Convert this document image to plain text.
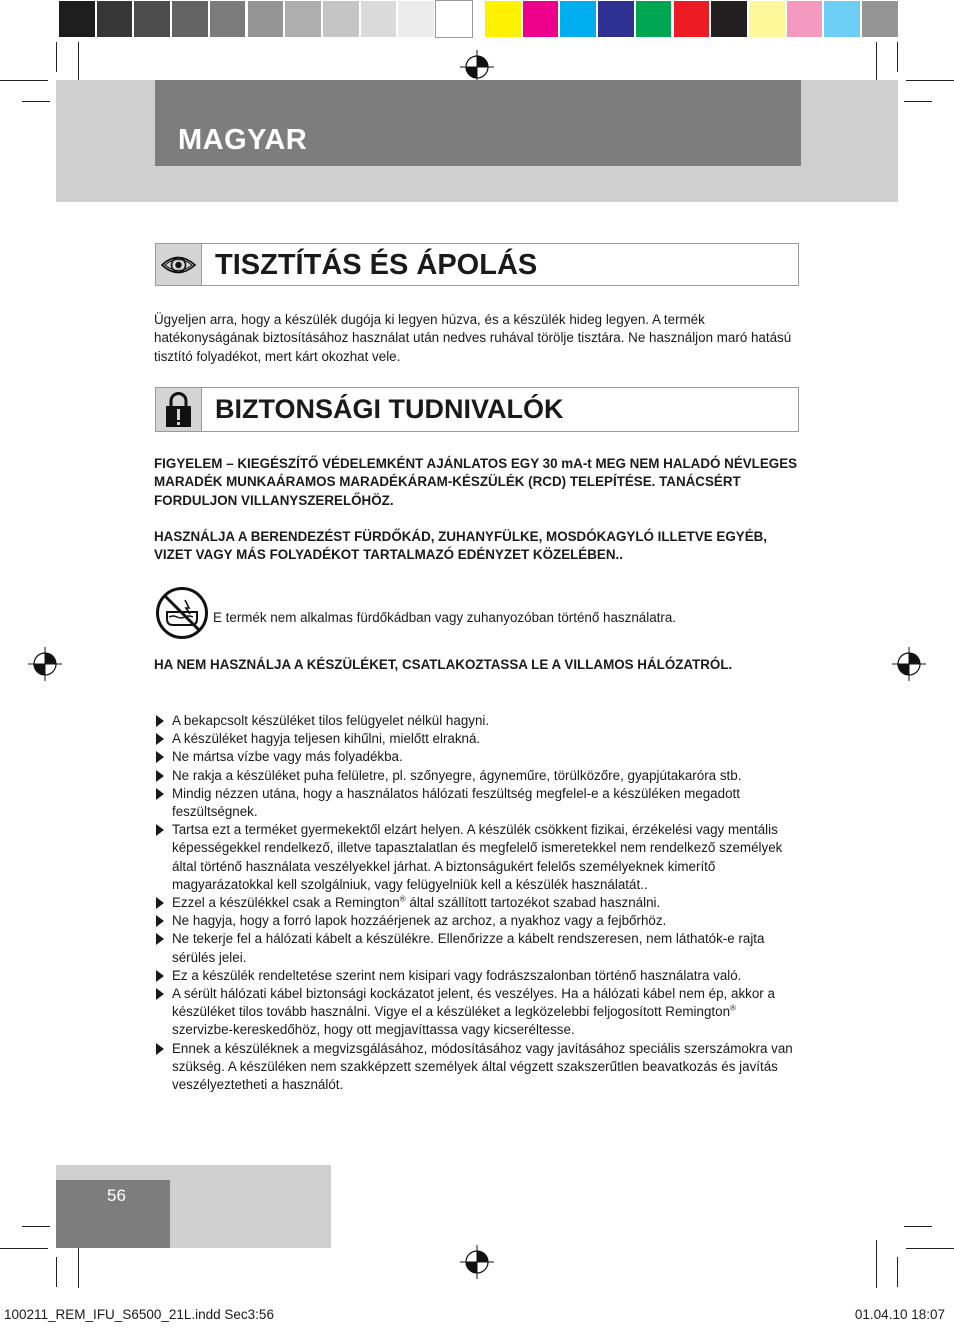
MAGYAR
TISZTÍTÁS ÉS ÁPOLÁS
Ügyeljen arra, hogy a készülék dugója ki legyen húzva, és a készülék hideg legyen. A termék hatékonyságának biztosításához használat után nedves ruhával törölje tisztára. Ne használjon maró hatású tisztító folyadékot, mert kárt okozhat vele.
BIZTONSÁGI TUDNIVALÓK
FIGYELEM – KIEGÉSZÍTŐ VÉDELEMKÉNT AJÁNLATOS EGY 30 mA-t MEG NEM HALADÓ NÉVLEGES MARADÉK MUNKAÁRAMOS MARADÉKÁRAM-KÉSZÜLÉK (RCD) TELEPÍTÉSE. TANÁCSÉRT FORDULJON VILLANYSZERELŐHÖZ.
HASZNÁLJA A BERENDEZÉST FÜRDŐKÁD, ZUHANYFÜLKE, MOSDÓKAGYLÓ ILLETVE EGYÉB, VIZET VAGY MÁS FOLYADÉKOT TARTALMAZÓ EDÉNYZET KÖZELÉBEN..
E termék nem alkalmas fürdőkádban vagy zuhanyozóban történő használatra.
HA NEM HASZNÁLJA A KÉSZÜLÉKET, CSATLAKOZTASSA LE A VILLAMOS HÁLÓZATRÓL.
A bekapcsolt készüléket tilos felügyelet nélkül hagyni.
A készüléket hagyja teljesen kihűlni, mielőtt elrakná.
Ne mártsa vízbe vagy más folyadékba.
Ne rakja a készüléket puha felületre, pl. szőnyegre, ágyneműre, törülközőre, gyapjútakaróra stb.
Mindig nézzen utána, hogy a használatos hálózati feszültség megfelel-e a készüléken megadott feszültségnek.
Tartsa ezt a terméket gyermekektől elzárt helyen. A készülék csökkent fizikai, érzékelési vagy mentális képességekkel rendelkező, illetve tapasztalatlan és megfelelő ismeretekkel nem rendelkező személyek által történő használata veszélyekkel járhat. A biztonságukért felelős személyeknek kimerítő magyarázatokkal kell szolgálniuk, vagy felügyelniük kell a készülék használatát..
Ezzel a készülékkel csak a Remington® által szállított tartozékot szabad használni.
Ne hagyja, hogy a forró lapok hozzáérjenek az archoz, a nyakhoz vagy a fejbőrhöz.
Ne tekerje fel a hálózati kábelt a készülékre. Ellenőrizze a kábelt rendszeresen, nem láthatók-e rajta sérülés jelei.
Ez a készülék rendeltetése szerint nem kisipari vagy fodrászszalonban történő használatra való.
A sérült hálózati kábel biztonsági kockázatot jelent, és veszélyes. Ha a hálózati kábel nem ép, akkor a készüléket tilos tovább használni. Vigye el a készüléket a legközelebbi feljogosított Remington® szervizbe-kereskedőhöz, hogy ott megjavíttassa vagy kicseréltesse.
Ennek a készüléknek a megvizsgálásához, módosításához vagy javításához speciális szerszámokra van szükség. A készüléken nem szakképzett személyek által végzett szakszerűtlen beavatkozás és javítás veszélyeztetheti a használót.
56
100211_REM_IFU_S6500_21L.indd Sec3:56	01.04.10 18:07
